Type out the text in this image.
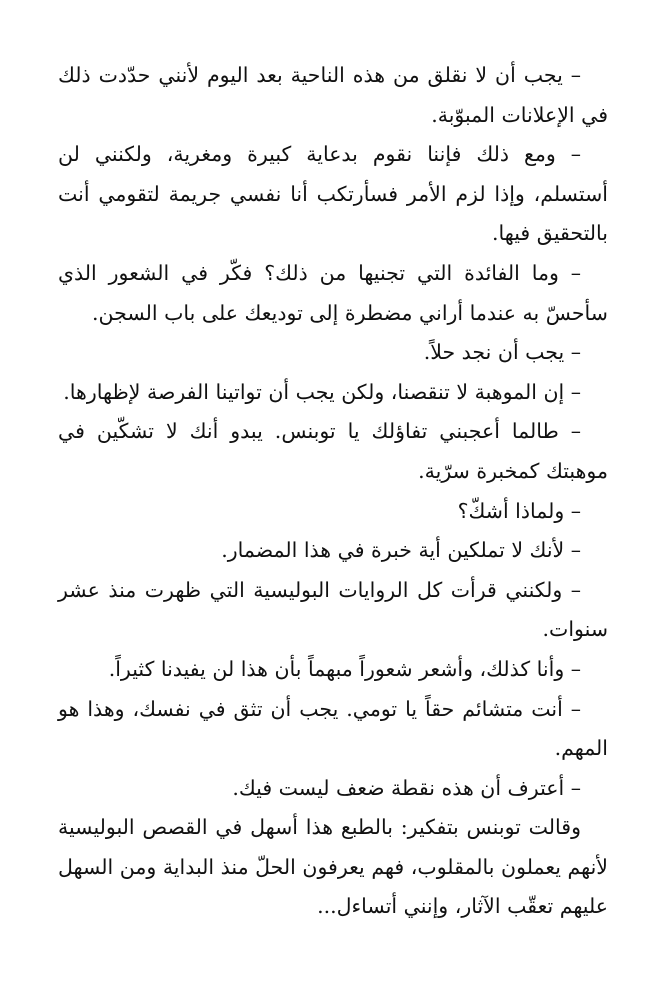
– يجب أن لا نقلق من هذه الناحية بعد اليوم لأنني حدّدت ذلك في الإعلانات المبوّبة.

– ومع ذلك فإننا نقوم بدعاية كبيرة ومغرية، ولكنني لن أستسلم، وإذا لزم الأمر فسأرتكب أنا نفسي جريمة لتقومي أنت بالتحقيق فيها.

– وما الفائدة التي تجنيها من ذلك؟ فكّر في الشعور الذي سأحسّ به عندما أراني مضطرة إلى توديعك على باب السجن.

– يجب أن نجد حلاً.

– إن الموهبة لا تنقصنا، ولكن يجب أن تواتينا الفرصة لإظهارها.

– طالما أعجبني تفاؤلك يا توبنس. يبدو أنك لا تشكّين في موهبتك كمخبرة سرّية.

– ولماذا أشكّ؟

– لأنك لا تملكين أية خبرة في هذا المضمار.

– ولكنني قرأت كل الروايات البوليسية التي ظهرت منذ عشر سنوات.

– وأنا كذلك، وأشعر شعوراً مبهماً بأن هذا لن يفيدنا كثيراً.

– أنت متشائم حقاً يا تومي. يجب أن تثق في نفسك، وهذا هو المهم.

– أعترف أن هذه نقطة ضعف ليست فيك.

وقالت توبنس بتفكير: بالطبع هذا أسهل في القصص البوليسية لأنهم يعملون بالمقلوب، فهم يعرفون الحلّ منذ البداية ومن السهل عليهم تعقّب الآثار، وإنني أتساءل...
